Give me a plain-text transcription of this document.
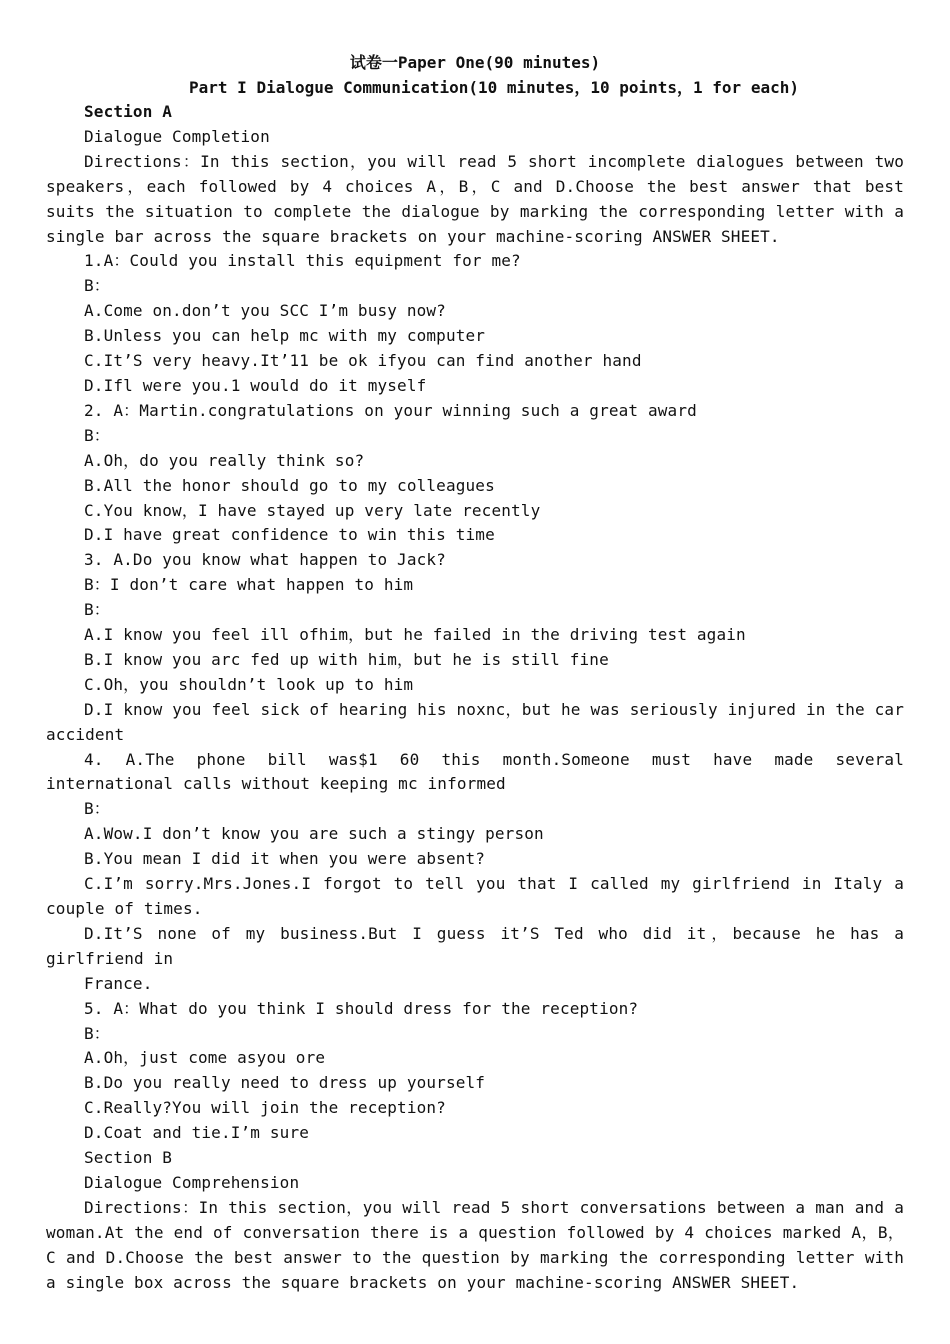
试卷一Paper One(90 minutes)

Part I Dialogue Communication(10 minutes，10 points，1 for each)

Section A

Dialogue Completion

Directions：In this section，you will read 5 short incomplete dialogues between two speakers，each followed by 4 choices A，B，C and D.Choose the best answer that best suits the situation to complete the dialogue by marking the corresponding letter with a single bar across the square brackets on your machine-scoring ANSWER SHEET.

1.A：Could you install this equipment for me?

B：

A.Come on.don’t you SCC I’m busy now?

B.Unless you can help mc with my computer

C.It’S very heavy.It’11 be ok ifyou can find another hand

D.Ifl were you.1 would do it myself

2. A：Martin.congratulations on your winning such a great award

B：

A.Oh，do you really think so?

B.All the honor should go to my colleagues

C.You know，I have stayed up very late recently

D.I have great confidence to win this time

3. A.Do you know what happen to Jack?

B：I don’t care what happen to him

B：

A.I know you feel ill ofhim，but he failed in the driving test again

B.I know you arc fed up with him，but he is still fine

C.Oh，you shouldn’t look up to him

D.I know you feel sick of hearing his noxnc，but he was seriously injured in the car accident

4. A.The phone bill was$1 60 this month.Someone must have made several international calls without keeping mc informed

B：

A.Wow.I don’t know you are such a stingy person

B.You mean I did it when you were absent?

C.I’m sorry.Mrs.Jones.I forgot to tell you that I called my girlfriend in Italy a couple of times.

D.It’S none of my business.But I guess it’S Ted who did it，because he has a girlfriend in

France.

5. A：What do you think I should dress for the reception?

B：

A.Oh，just come asyou ore

B.Do you really need to dress up yourself

C.Really?You will join the reception?

D.Coat and tie.I’m sure

Section B

Dialogue Comprehension

Directions：In this section，you will read 5 short conversations between a man and a woman.At the end of conversation there is a question followed by 4 choices marked A，B，C and D.Choose the best answer to the question by marking the corresponding letter with a single box across the square brackets on your machine-scoring ANSWER SHEET.
